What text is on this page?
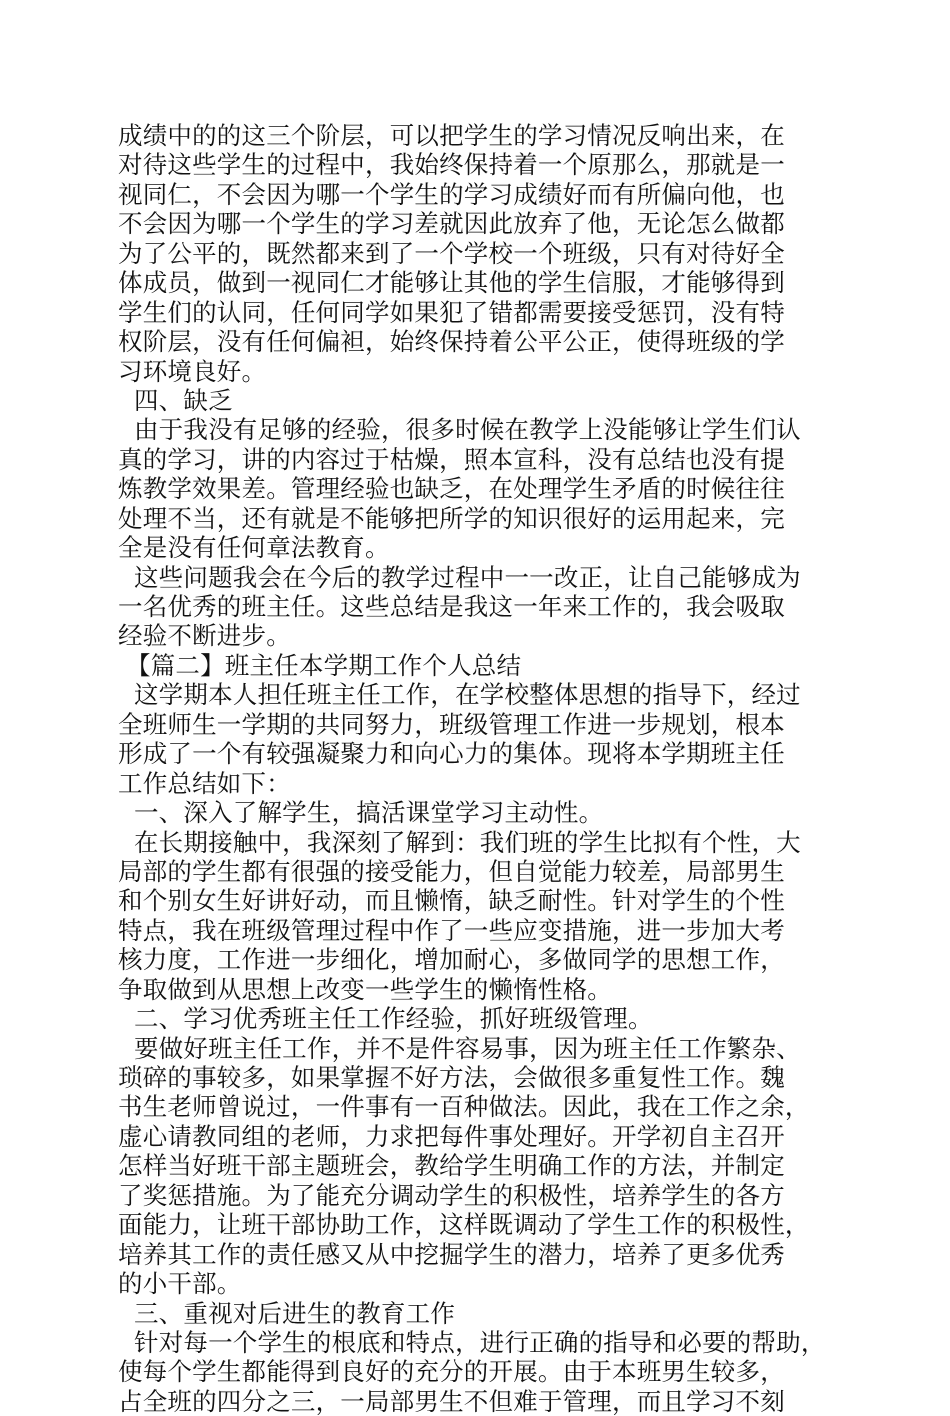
成绩中的的这三个阶层，可以把学生的学习情况反响出来，在
对待这些学生的过程中，我始终保持着一个原那么，那就是一
视同仁，不会因为哪一个学生的学习成绩好而有所偏向他，也
不会因为哪一个学生的学习差就因此放弃了他，无论怎么做都
为了公平的，既然都来到了一个学校一个班级，只有对待好全
体成员，做到一视同仁才能够让其他的学生信服，才能够得到
学生们的认同，任何同学如果犯了错都需要接受惩罚，没有特
权阶层，没有任何偏袒，始终保持着公平公正，使得班级的学
习环境良好。
四、缺乏
由于我没有足够的经验，很多时候在教学上没能够让学生们认
真的学习，讲的内容过于枯燥，照本宣科，没有总结也没有提
炼教学效果差。管理经验也缺乏，在处理学生矛盾的时候往往
处理不当，还有就是不能够把所学的知识很好的运用起来，完
全是没有任何章法教育。
这些问题我会在今后的教学过程中一一改正，让自己能够成为
一名优秀的班主任。这些总结是我这一年来工作的，我会吸取
经验不断进步。
【篇二】班主任本学期工作个人总结
这学期本人担任班主任工作，在学校整体思想的指导下，经过
全班师生一学期的共同努力，班级管理工作进一步规划，根本
形成了一个有较强凝聚力和向心力的集体。现将本学期班主任
工作总结如下：
一、深入了解学生，搞活课堂学习主动性。
在长期接触中，我深刻了解到：我们班的学生比拟有个性，大
局部的学生都有很强的接受能力，但自觉能力较差，局部男生
和个别女生好讲好动，而且懒惰，缺乏耐性。针对学生的个性
特点，我在班级管理过程中作了一些应变措施，进一步加大考
核力度，工作进一步细化，增加耐心，多做同学的思想工作，
争取做到从思想上改变一些学生的懒惰性格。
二、学习优秀班主任工作经验，抓好班级管理。
要做好班主任工作，并不是件容易事，因为班主任工作繁杂、
琐碎的事较多，如果掌握不好方法，会做很多重复性工作。魏
书生老师曾说过，一件事有一百种做法。因此，我在工作之余，
虚心请教同组的老师，力求把每件事处理好。开学初自主召开
怎样当好班干部主题班会，教给学生明确工作的方法，并制定
了奖惩措施。为了能充分调动学生的积极性，培养学生的各方
面能力，让班干部协助工作，这样既调动了学生工作的积极性，
培养其工作的责任感又从中挖掘学生的潜力，培养了更多优秀
的小干部。
三、重视对后进生的教育工作
针对每一个学生的根底和特点，进行正确的指导和必要的帮助，
使每个学生都能得到良好的充分的开展。由于本班男生较多，
占全班的四分之三，一局部男生不但难于管理，而且学习不刻
